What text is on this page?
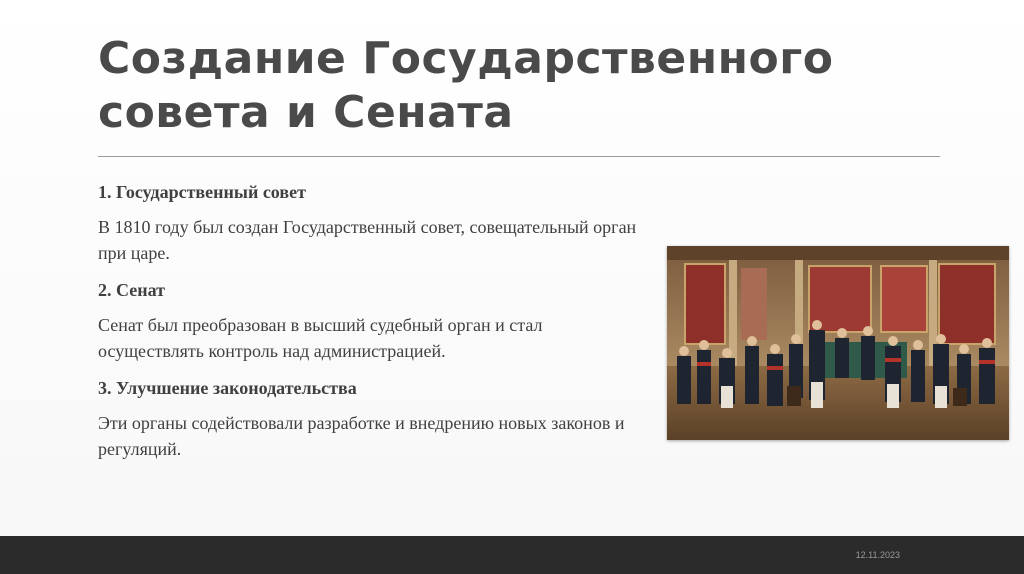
Создание Государственного
совета и Сената
1. Государственный совет
В 1810 году был создан Государственный совет, совещательный орган при царе.
2. Сенат
Сенат был преобразован в высший судебный орган и стал осуществлять контроль над администрацией.
3. Улучшение законодательства
Эти органы содействовали разработке и внедрению новых законов и регуляций.
12.11.2023
